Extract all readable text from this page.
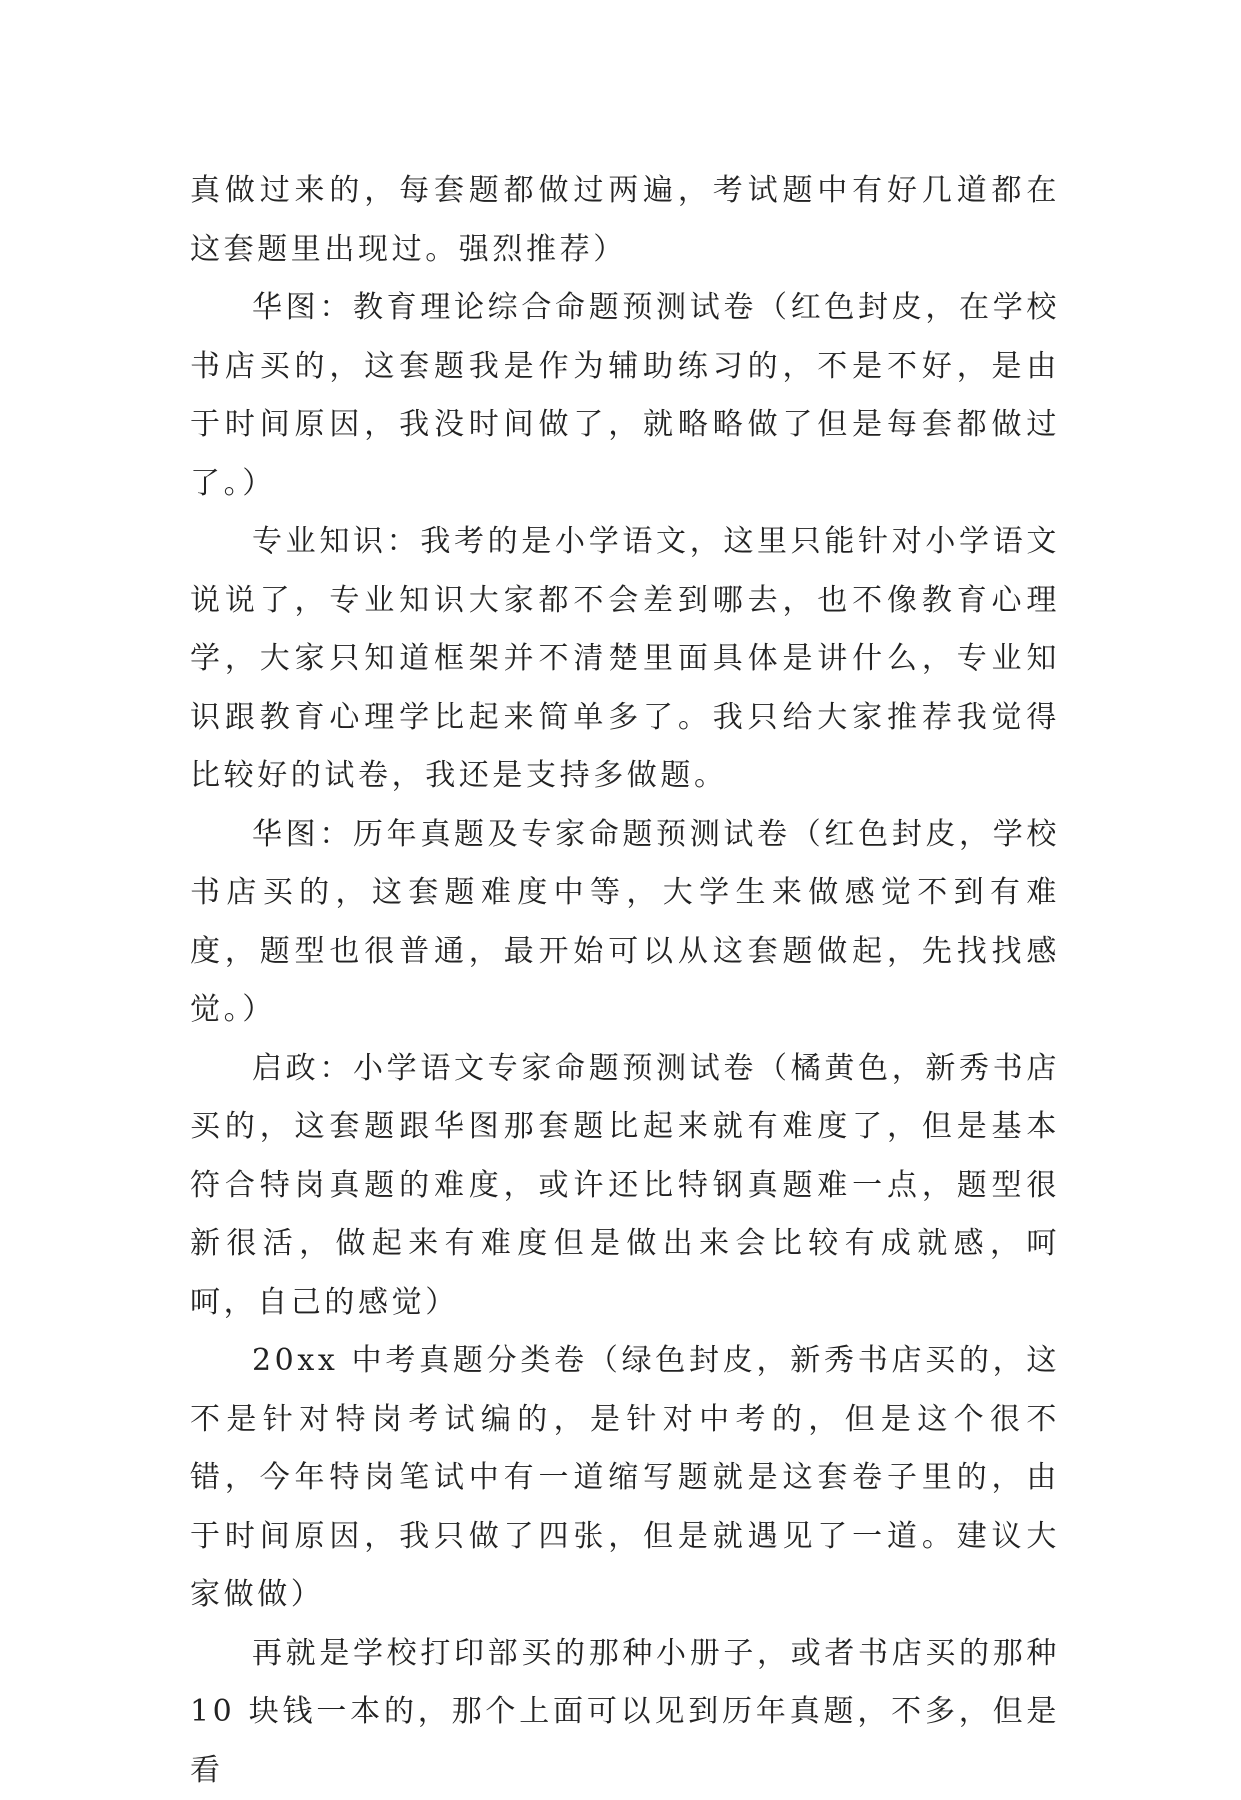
真做过来的，每套题都做过两遍，考试题中有好几道都在这套题里出现过。强烈推荐）

华图：教育理论综合命题预测试卷（红色封皮，在学校书店买的，这套题我是作为辅助练习的，不是不好，是由于时间原因，我没时间做了，就略略做了但是每套都做过了。）

专业知识：我考的是小学语文，这里只能针对小学语文说说了，专业知识大家都不会差到哪去，也不像教育心理学，大家只知道框架并不清楚里面具体是讲什么，专业知识跟教育心理学比起来简单多了。我只给大家推荐我觉得比较好的试卷，我还是支持多做题。

华图：历年真题及专家命题预测试卷（红色封皮，学校书店买的，这套题难度中等，大学生来做感觉不到有难度，题型也很普通，最开始可以从这套题做起，先找找感觉。）

启政：小学语文专家命题预测试卷（橘黄色，新秀书店买的，这套题跟华图那套题比起来就有难度了，但是基本符合特岗真题的难度，或许还比特钢真题难一点，题型很新很活，做起来有难度但是做出来会比较有成就感，呵呵，自己的感觉）

20xx 中考真题分类卷（绿色封皮，新秀书店买的，这不是针对特岗考试编的，是针对中考的，但是这个很不错，今年特岗笔试中有一道缩写题就是这套卷子里的，由于时间原因，我只做了四张，但是就遇见了一道。建议大家做做）

再就是学校打印部买的那种小册子，或者书店买的那种10 块钱一本的，那个上面可以见到历年真题，不多，但是看
